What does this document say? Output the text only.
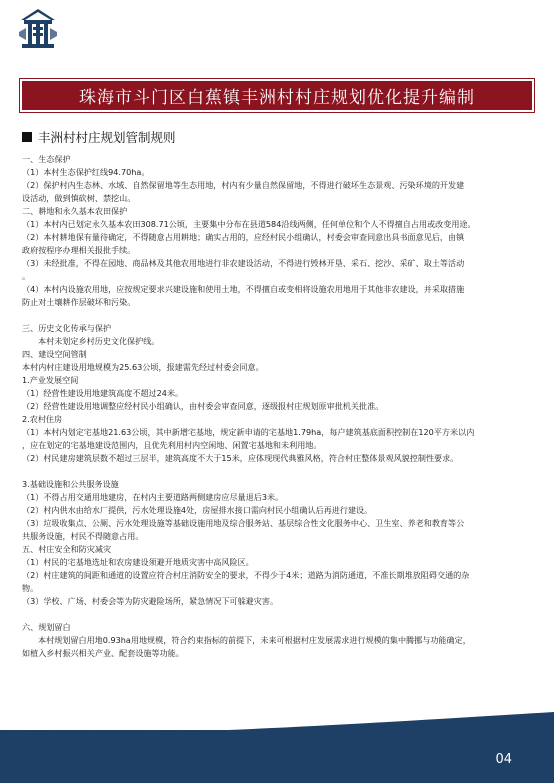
珠海市斗门区白蕉镇丰洲村村庄规划优化提升编制
丰洲村村庄规划管制规则
一、生态保护
（1）本村生态保护红线94.70ha。
（2）保护村内生态林、水域、自然保留地等生态用地，村内有少量自然保留地，不得进行破坏生态景观、污染环境的开发建
设活动，做到慎砍树、禁挖山。
二、耕地和永久基本农田保护
（1）本村内已划定永久基本农田308.71公顷，主要集中分布在县道584沿线两侧，任何单位和个人不得擅自占用或改变用途。
（2）本村耕地保有量待确定，不得随意占用耕地；确实占用的，应经村民小组确认，村委会审查同意出具书面意见后，由镇
政府按程序办理相关报批手续。
（3）未经批准，不得在园地、商品林及其他农用地进行非农建设活动，不得进行毁林开垦、采石、挖沙、采矿、取土等活动
。
（4）本村内设施农用地，应按规定要求兴建设施和使用土地，不得擅自或变相将设施农用地用于其他非农建设，并采取措施
防止对土壤耕作层破坏和污染。
三、历史文化传承与保护
本村未划定乡村历史文化保护线。
四、建设空间管制
本村内村庄建设用地规模为25.63公顷，报建需先经过村委会同意。
1.产业发展空间
（1）经营性建设用地建筑高度不超过24米。
（2）经营性建设用地调整应经村民小组确认，由村委会审查同意，逐级报村庄规划原审批机关批准。
2.农村住房
（1）本村内划定宅基地21.63公顷，其中新增宅基地，规定新申请的宅基地1.79ha，每户建筑基底面积控制在120平方米以内
，应在划定的宅基地建设范围内，且优先利用村内空闲地、闲置宅基地和未利用地。
（2）村民建房建筑层数不超过三层半，建筑高度不大于15米，应体现现代典雅风格，符合村庄整体景观风貌控制性要求。
3.基础设施和公共服务设施
（1）不得占用交通用地建房，在村内主要道路两侧建房应尽量退后3米。
（2）村内供水由给水厂提供，污水处理设施4处，房屋排水接口需向村民小组确认后再进行建设。
（3）垃圾收集点、公厕、污水处理设施等基础设施用地及综合服务站、基层综合性文化服务中心、卫生室、养老和教育等公
共服务设施，村民不得随意占用。
五、村庄安全和防灾减灾
（1）村民的宅基地选址和农房建设须避开地质灾害中高风险区。
（2）村庄建筑的间距和通道的设置应符合村庄消防安全的要求，不得少于4米；道路为消防通道，不准长期堆放阻碍交通的杂
物。
（3）学校、广场、村委会等为防灾避险场所，紧急情况下可躲避灾害。
六、规划留白
本村规划留白用地0.93ha用地规模，符合约束指标的前提下，未来可根据村庄发展需求进行规模的集中腾挪与功能确定，
如植入乡村振兴相关产业、配套设施等功能。
04
